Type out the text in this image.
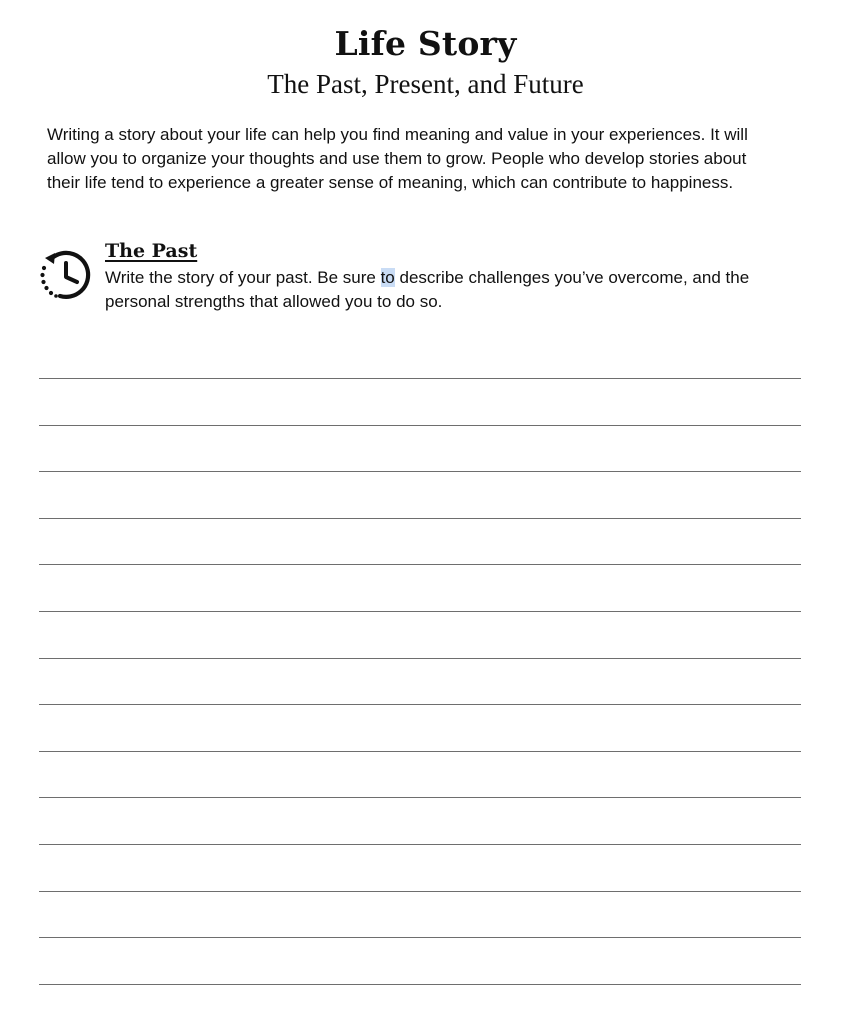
Life Story
The Past, Present, and Future

Writing a story about your life can help you find meaning and value in your experiences. It will
allow you to organize your thoughts and use them to grow. People who develop stories about
their life tend to experience a greater sense of meaning, which can contribute to happiness.

The Past

Write the story of your past. Be sure to describe challenges you’ve overcome, and the
personal strengths that allowed you to do so.
